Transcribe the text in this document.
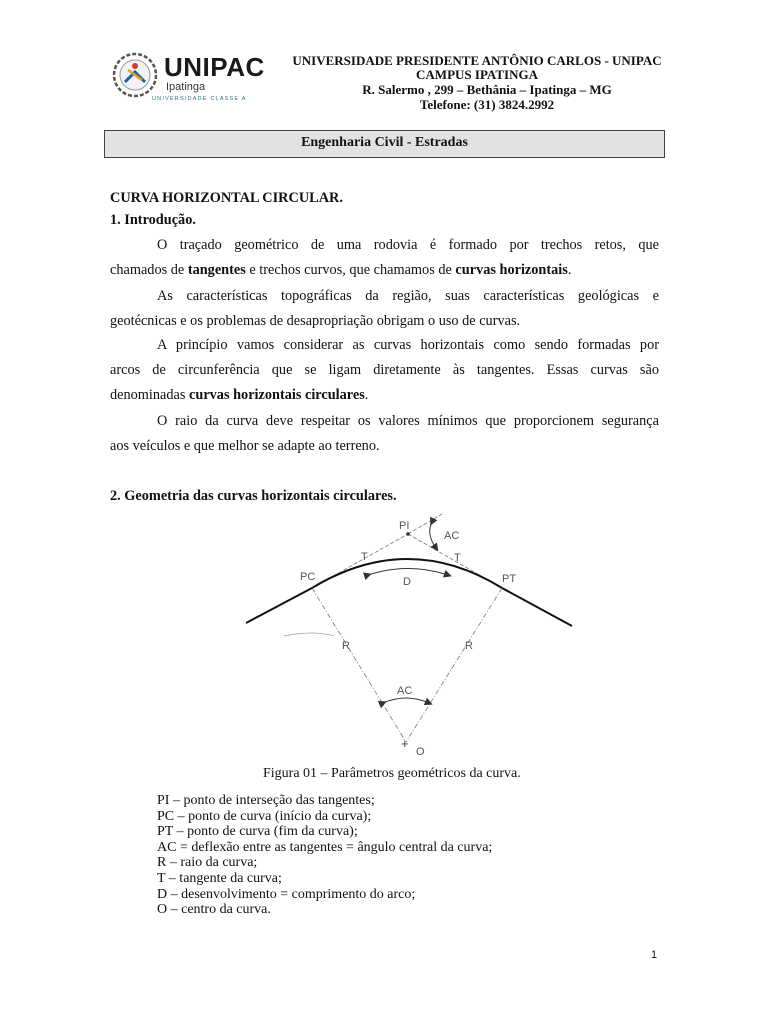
UNIPAC
Ipatinga
UNIVERSIDADE CLASSE A
UNIVERSIDADE PRESIDENTE ANTÔNIO CARLOS - UNIPAC
CAMPUS IPATINGA
R. Salermo , 299 – Bethânia – Ipatinga – MG
Telefone: (31) 3824.2992
Engenharia Civil - Estradas
CURVA HORIZONTAL CIRCULAR.
1. Introdução.
O traçado geométrico de uma rodovia é formado por trechos retos, que
chamados de tangentes e trechos curvos, que chamamos de curvas horizontais.
As características topográficas da região, suas características geológicas e
geotécnicas e os problemas de desapropriação obrigam o uso de curvas.
A princípio vamos considerar as curvas horizontais como sendo formadas por
arcos de circunferência que se ligam diretamente às tangentes. Essas curvas são
denominadas curvas horizontais circulares.
O raio da curva deve respeitar os valores mínimos que proporcionem segurança
aos veículos e que melhor se adapte ao terreno.
2. Geometria das curvas horizontais circulares.
+
PI
AC
T	T
PC	PT
D
R	R
AC
O
Figura 01 – Parâmetros geométricos da curva.
PI – ponto de interseção das tangentes;
PC – ponto de curva (início da curva);
PT – ponto de curva (fim da curva);
AC = deflexão entre as tangentes = ângulo central da curva;
R – raio da curva;
T – tangente da curva;
D – desenvolvimento = comprimento do arco;
O – centro da curva.
1
